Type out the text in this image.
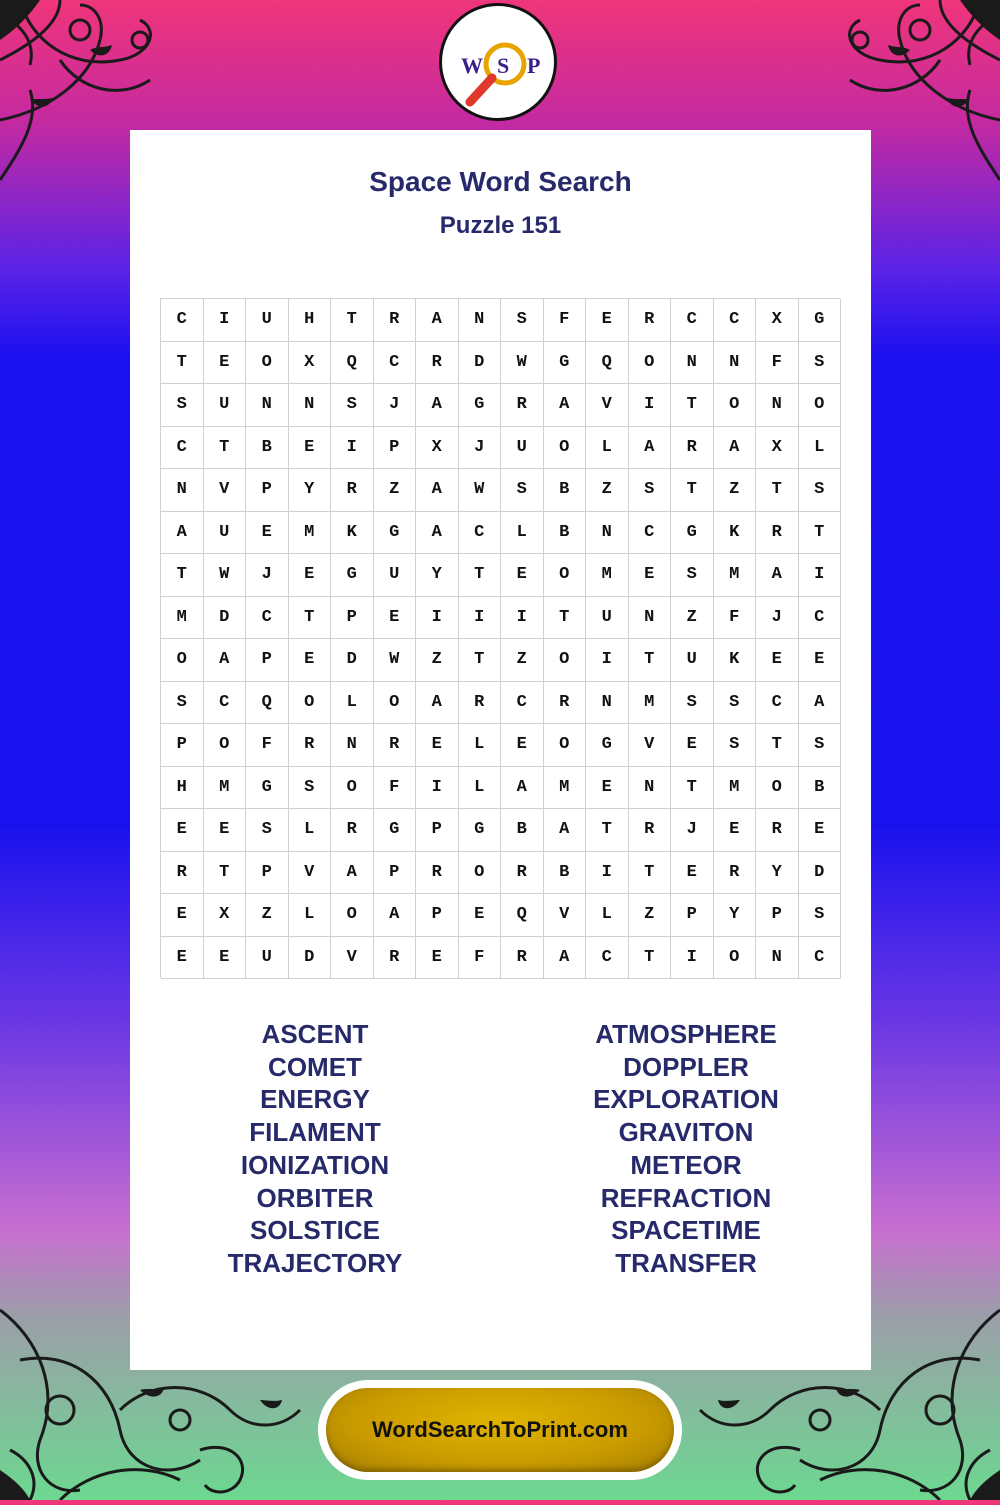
W S P
Space Word Search
Puzzle 151
C	I	U	H	T	R	A	N	S	F	E	R	C	C	X	G
T	E	O	X	Q	C	R	D	W	G	Q	O	N	N	F	S
S	U	N	N	S	J	A	G	R	A	V	I	T	O	N	O
C	T	B	E	I	P	X	J	U	O	L	A	R	A	X	L
N	V	P	Y	R	Z	A	W	S	B	Z	S	T	Z	T	S
A	U	E	M	K	G	A	C	L	B	N	C	G	K	R	T
T	W	J	E	G	U	Y	T	E	O	M	E	S	M	A	I
M	D	C	T	P	E	I	I	I	T	U	N	Z	F	J	C
O	A	P	E	D	W	Z	T	Z	O	I	T	U	K	E	E
S	C	Q	O	L	O	A	R	C	R	N	M	S	S	C	A
P	O	F	R	N	R	E	L	E	O	G	V	E	S	T	S
H	M	G	S	O	F	I	L	A	M	E	N	T	M	O	B
E	E	S	L	R	G	P	G	B	A	T	R	J	E	R	E
R	T	P	V	A	P	R	O	R	B	I	T	E	R	Y	D
E	X	Z	L	O	A	P	E	Q	V	L	Z	P	Y	P	S
E	E	U	D	V	R	E	F	R	A	C	T	I	O	N	C
ASCENT
COMET
ENERGY
FILAMENT
IONIZATION
ORBITER
SOLSTICE
TRAJECTORY
ATMOSPHERE
DOPPLER
EXPLORATION
GRAVITON
METEOR
REFRACTION
SPACETIME
TRANSFER
WordSearchToPrint.com
